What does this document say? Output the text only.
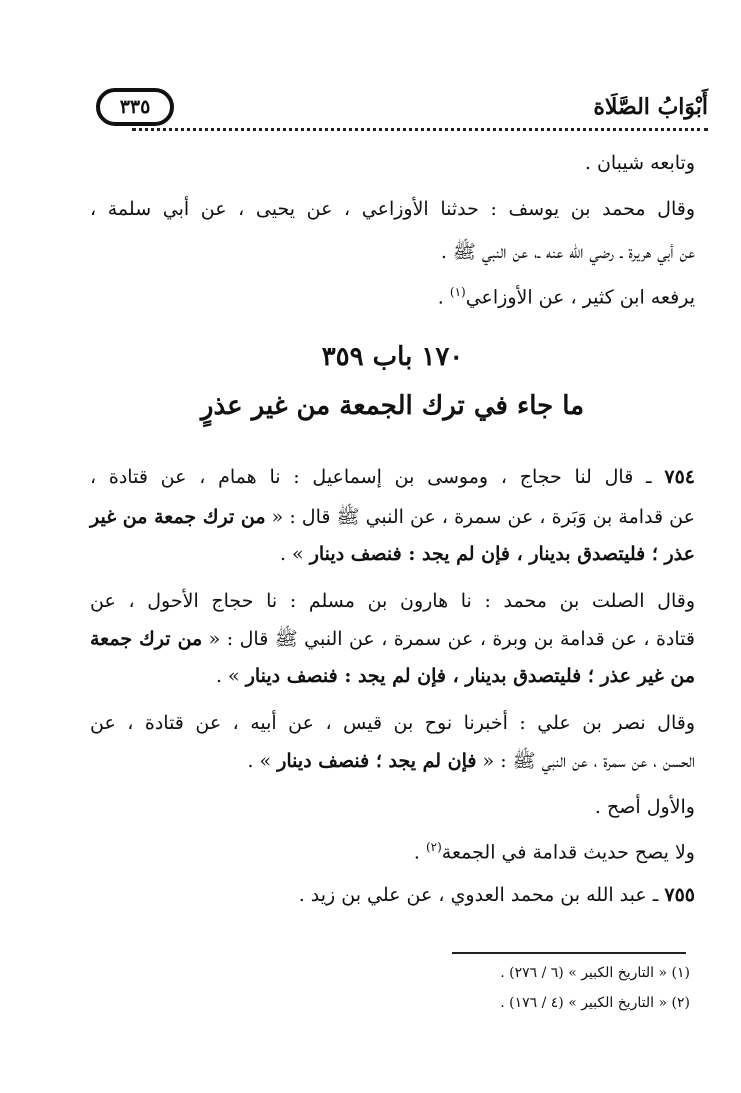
٣٣٥	أَبْوَابُ الصَّلَاة
وتابعه شيبان .
وقال محمد بن يوسف : حدثنا الأوزاعي ، عن يحيى ، عن أبي سلمة ،
عن أبي هريرة ـ رضي الله عنه ـ، عن النبي ﷺ .
يرفعه ابن كثير ، عن الأوزاعي$^{(١)}$ .
١٧٠ باب ٣٥٩
ما جاء في ترك الجمعة من غير عذرٍ
٧٥٤ ـ قال لنا حجاج ، وموسى بن إسماعيل : نا همام ، عن قتادة ،
عن قدامة بن وَبَرة ، عن سمرة ، عن النبي ﷺ قال : « من ترك جمعة من غير
عذر ؛ فليتصدق بدينار ، فإن لم يجد : فنصف دينار » .
وقال الصلت بن محمد : نا هارون بن مسلم : نا حجاج الأحول ، عن
قتادة ، عن قدامة بن وبرة ، عن سمرة ، عن النبي ﷺ قال : « من ترك جمعة
من غير عذر ؛ فليتصدق بدينار ، فإن لم يجد : فنصف دينار » .
وقال نصر بن علي : أخبرنا نوح بن قيس ، عن أبيه ، عن قتادة ، عن
الحسن ، عن سمرة ، عن النبي ﷺ : « فإن لم يجد ؛ فنصف دينار » .
والأول أصح .
ولا يصح حديث قدامة في الجمعة$^{(٢)}$ .
٧٥٥ ـ عبد الله بن محمد العدوي ، عن علي بن زيد .
(١) « التاريخ الكبير » (٦ / ٢٧٦) .
(٢) « التاريخ الكبير » (٤ / ١٧٦) .
